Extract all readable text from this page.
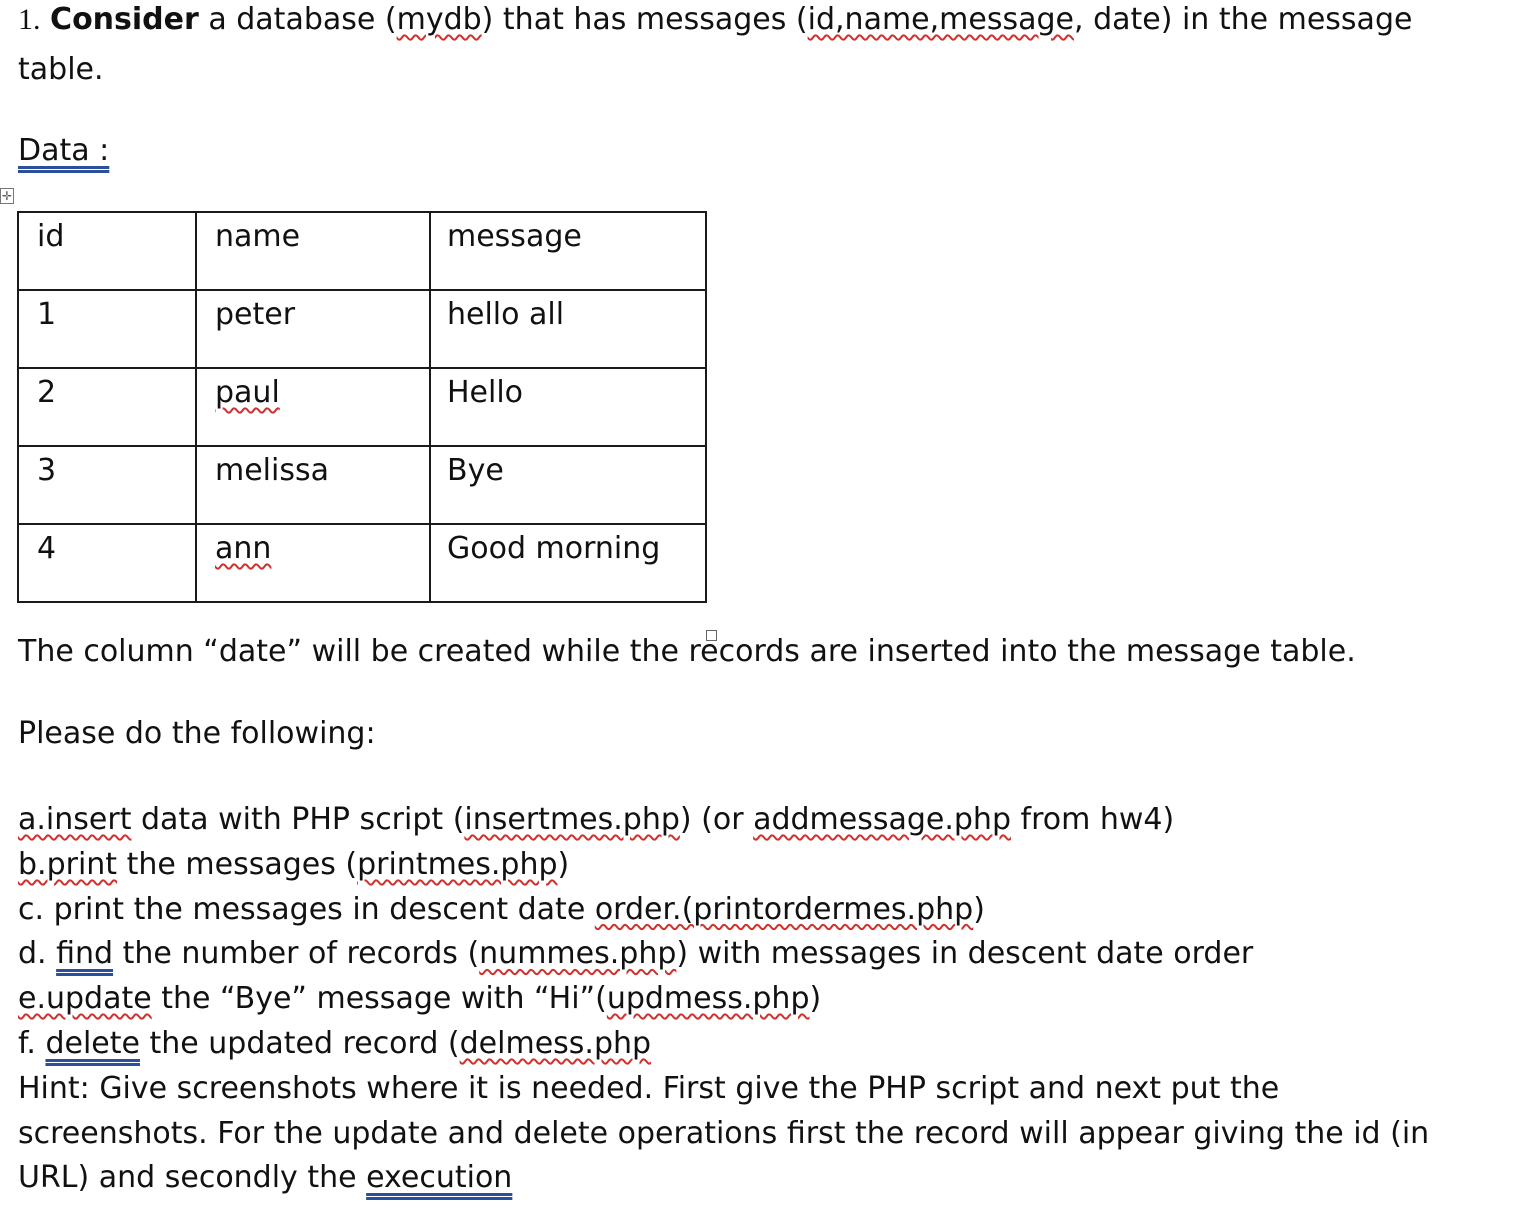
1. Consider a database (mydb) that has messages (id,name,message, date) in the message
table.
Data :
✛
id	name	message
1	peter	hello all
2	paul	Hello
3	melissa	Bye
4	ann	Good morning
The column “date” will be created while the records are inserted into the message table.
Please do the following:
a.insert data with PHP script (insertmes.php) (or addmessage.php from hw4)
b.print the messages (printmes.php)
c. print the messages in descent date order.(printordermes.php)
d. find the number of records (nummes.php) with messages in descent date order
e.update the “Bye” message with “Hi”(updmess.php)
f. delete the updated record (delmess.php
Hint: Give screenshots where it is needed. First give the PHP script and next put the
screenshots. For the update and delete operations first the record will appear giving the id (in
URL) and secondly the execution
